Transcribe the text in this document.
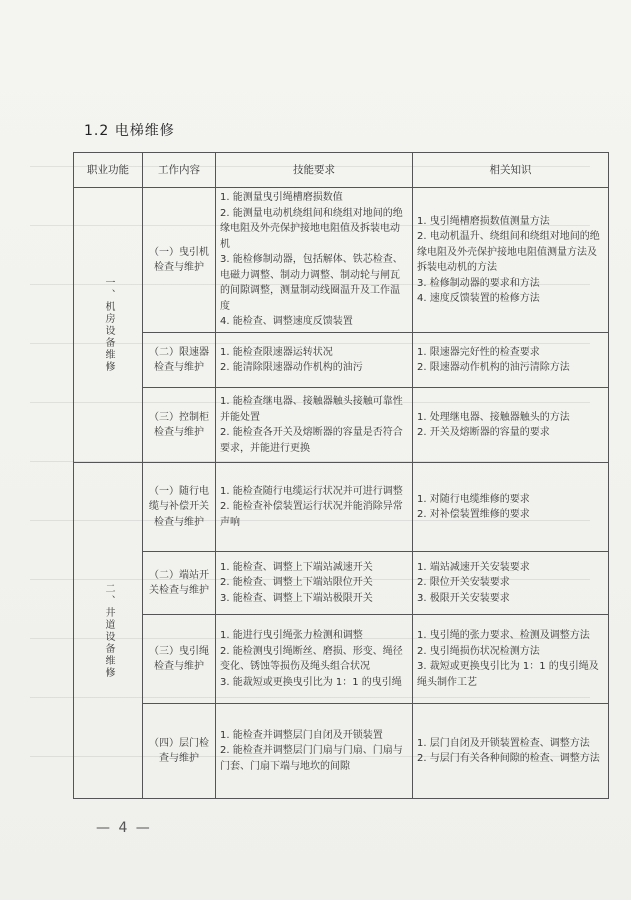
1.2 电梯维修
职业功能	工作内容	技能要求	相关知识

一、机房设备维修	（一）曳引机检查与维护	1. 能测量曳引绳槽磨损数值
2. 能测量电动机绕组间和绕组对地间的绝缘电阻及外壳保护接地电阻值及拆装电动机
3. 能检修制动器，包括解体、铁芯检查、电磁力调整、制动力调整、制动轮与闸瓦的间隙调整，测量制动线圈温升及工作温度
4. 能检查、调整速度反馈装置	1. 曳引绳槽磨损数值测量方法
2. 电动机温升、绕组间和绕组对地间的绝缘电阻及外壳保护接地电阻值测量方法及拆装电动机的方法
3. 检修制动器的要求和方法
4. 速度反馈装置的检修方法

	（二）限速器检查与维护	1. 能检查限速器运转状况
2. 能清除限速器动作机构的油污	1. 限速器完好性的检查要求
2. 限速器动作机构的油污清除方法

	（三）控制柜检查与维护	1. 能检查继电器、接触器触头接触可靠性并能处置
2. 能检查各开关及熔断器的容量是否符合要求，并能进行更换	1. 处理继电器、接触器触头的方法
2. 开关及熔断器的容量的要求

二、井道设备维修	（一）随行电缆与补偿开关检查与维护	1. 能检查随行电缆运行状况并可进行调整
2. 能检查补偿装置运行状况并能消除异常声响	1. 对随行电缆维修的要求
2. 对补偿装置维修的要求

	（二）端站开关检查与维护	1. 能检查、调整上下端站减速开关
2. 能检查、调整上下端站限位开关
3. 能检查、调整上下端站极限开关	1. 端站减速开关安装要求
2. 限位开关安装要求
3. 极限开关安装要求

	（三）曳引绳检查与维护	1. 能进行曳引绳张力检测和调整
2. 能检测曳引绳断丝、磨损、形变、绳径变化、锈蚀等损伤及绳头组合状况
3. 能裁短或更换曳引比为 1：1 的曳引绳	1. 曳引绳的张力要求、检测及调整方法
2. 曳引绳损伤状况检测方法
3. 裁短或更换曳引比为 1：1 的曳引绳及绳头制作工艺

	（四）层门检查与维护	1. 能检查并调整层门自闭及开锁装置
2. 能检查并调整层门门扇与门扇、门扇与门套、门扇下端与地坎的间隙	1. 层门自闭及开锁装置检查、调整方法
2. 与层门有关各种间隙的检查、调整方法
— 4 —
